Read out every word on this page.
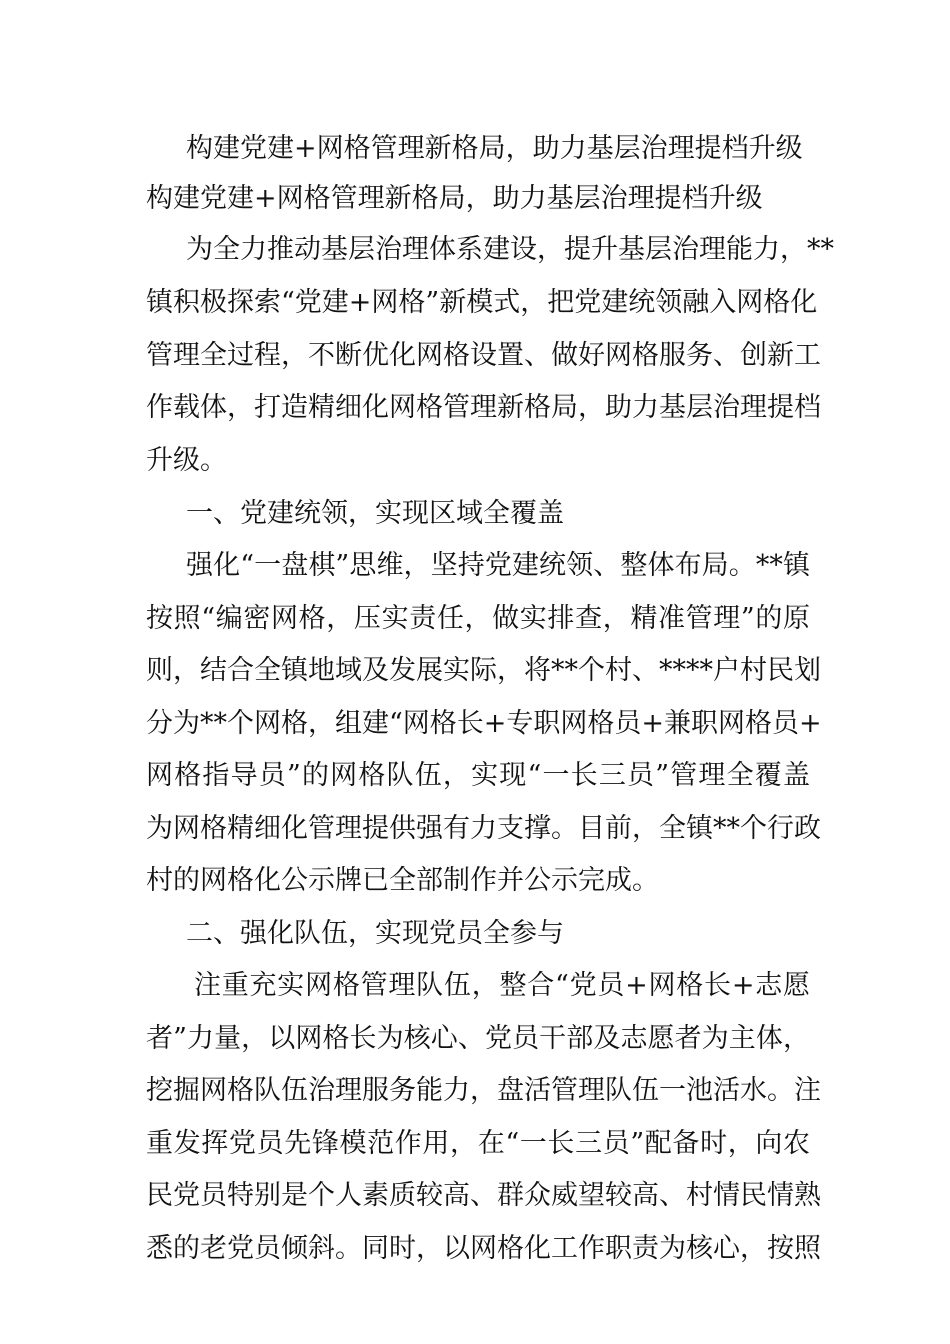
构建党建+网格管理新格局，助力基层治理提档升级
构建党建+网格管理新格局，助力基层治理提档升级
为全力推动基层治理体系建设，提升基层治理能力，**
镇积极探索“党建+网格”新模式，把党建统领融入网格化
管理全过程，不断优化网格设置、做好网格服务、创新工
作载体，打造精细化网格管理新格局，助力基层治理提档
升级。
一、党建统领，实现区域全覆盖
强化“一盘棋”思维，坚持党建统领、整体布局。**镇
按照“编密网格，压实责任，做实排查，精准管理”的原
则，结合全镇地域及发展实际，将**个村、****户村民划
分为**个网格，组建“网格长+专职网格员+兼职网格员+
网格指导员”的网格队伍，实现“一长三员”管理全覆盖
为网格精细化管理提供强有力支撑。目前，全镇**个行政
村的网格化公示牌已全部制作并公示完成。
二、强化队伍，实现党员全参与
注重充实网格管理队伍，整合“党员+网格长+志愿
者”力量，以网格长为核心、党员干部及志愿者为主体，
挖掘网格队伍治理服务能力，盘活管理队伍一池活水。注
重发挥党员先锋模范作用，在“一长三员”配备时，向农
民党员特别是个人素质较高、群众威望较高、村情民情熟
悉的老党员倾斜。同时，以网格化工作职责为核心，按照
